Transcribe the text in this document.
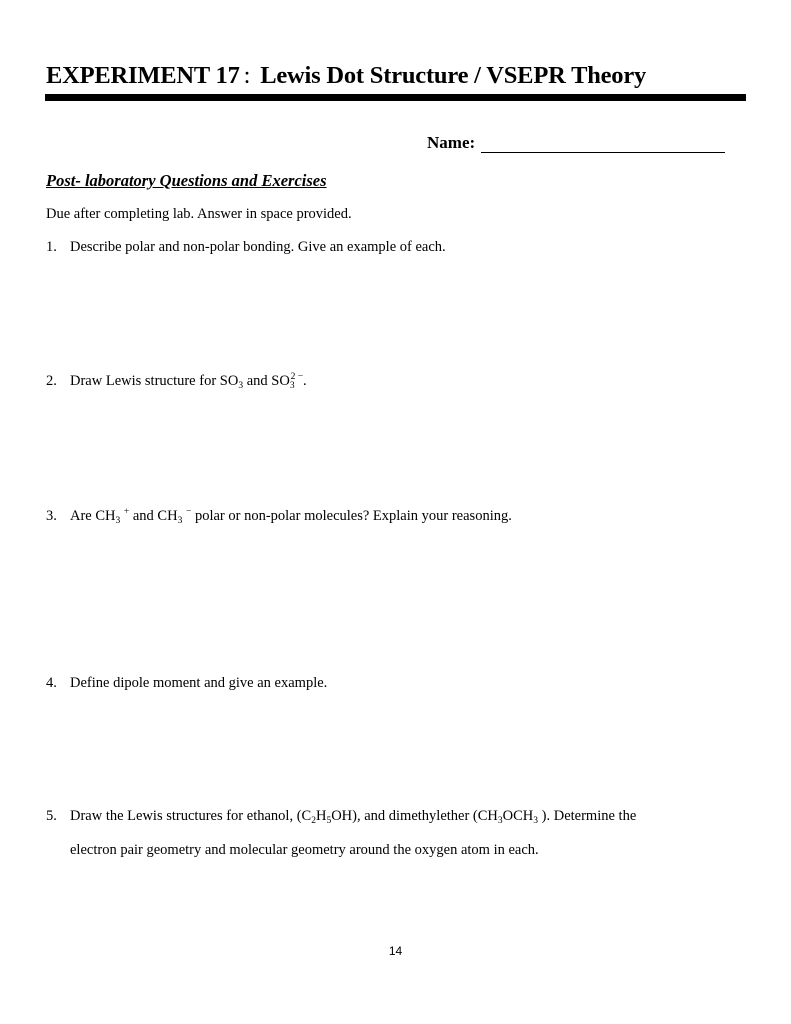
EXPERIMENT 17 : Lewis Dot Structure / VSEPR Theory
Name:
Post- laboratory Questions and Exercises
Due after completing lab. Answer in space provided.
1. Describe polar and non-polar bonding. Give an example of each.
2. Draw Lewis structure for $SO_3$ and $SO_3^{2 -}$.
3. Are $CH_3$ + and $CH_3$ − polar or non-polar molecules? Explain your reasoning.
4. Define dipole moment and give an example.
5. Draw the Lewis structures for ethanol, $(C_2H_5OH)$, and dimethylether ($CH_3OCH_3$ ). Determine the
electron pair geometry and molecular geometry around the oxygen atom in each.
14
